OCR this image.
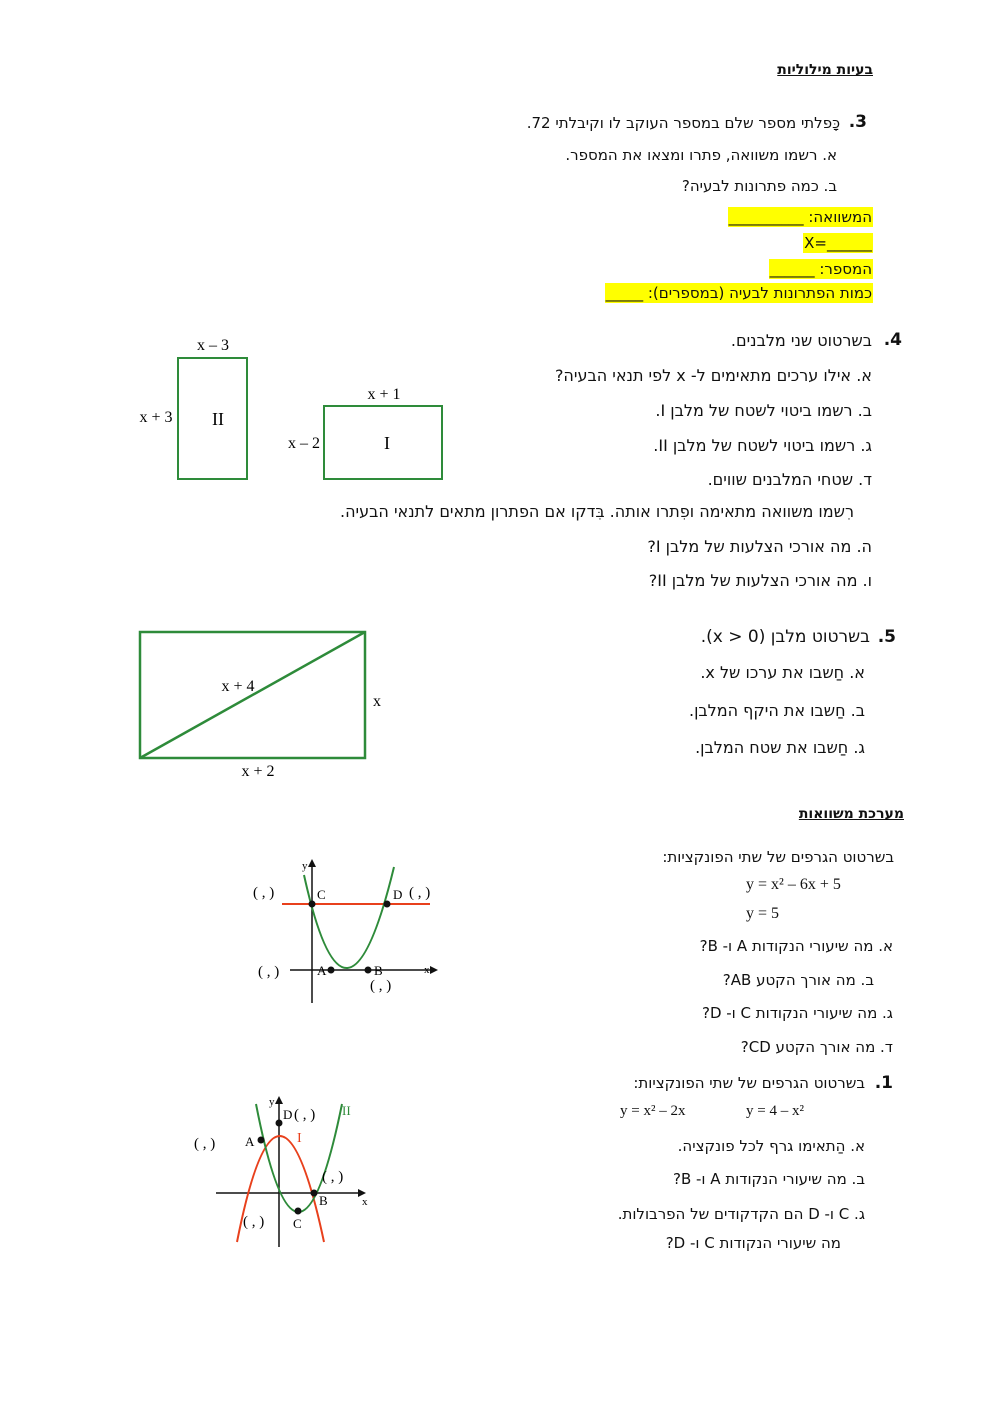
בעיות מילוליות
.3
כָּפלתי מספר שלם במספר העוקב לו וקיבלתי 72.
א. רשמו משוואה, פתרו ומצאו את המספר.
ב. כמה פתרונות לבעיה?
המשוואה: __________
X=______
המספר: ______
כמות הפתרונות לבעיה (במספרים): _____
.4
בשרטוט שני מלבנים.
א. אילו ערכים מתאימים ל- x לפי תנאי הבעיה?
ב. רשמו ביטוי לשטח של מלבן I.
ג. רשמו ביטוי לשטח של מלבן II.
ד. שטחי המלבנים שווים.
רִשמו משוואה מתאימה ופִתרו אותה. בִּדקו אם הפתרון מתאים לתנאי הבעיה.
ה. מה אורכי הצלעות של מלבן I?
ו. מה אורכי הצלעות של מלבן II?
x – 3
x + 3 II
x + 1
x – 2	I
.5
בשרטוט מלבן (x > 0).
א. חַשבו את ערכו של x.
ב. חַשבו את היקף המלבן.
ג. חַשבו את שטח המלבן.
x + 4
x
x + 2
מערכת משוואות
בשרטוט הגרפים של שתי הפונקציות:
y = x² – 6x + 5
y = 5
א. מה שיעורי הנקודות A ו- B?
ב. מה אורך הקטע AB?
ג. מה שיעורי הנקודות C ו- D?
ד. מה אורך הקטע CD?
y
x
C	D
A	B
( , )	( , )
( , )
( , )
.1
בשרטוט הגרפים של שתי הפונקציות:
y = x² – 2x	y = 4 – x²
א. הַתאימו גרף לכל פונקציה.
ב. מה שיעורי הנקודות A ו- B?
ג. C ו- D הם הקדקודים של הפרבולות.
מה שיעורי הנקודות C ו- D?
y
x
D
A
C
B
I
II
( , )
( , )
( , )
( , )
